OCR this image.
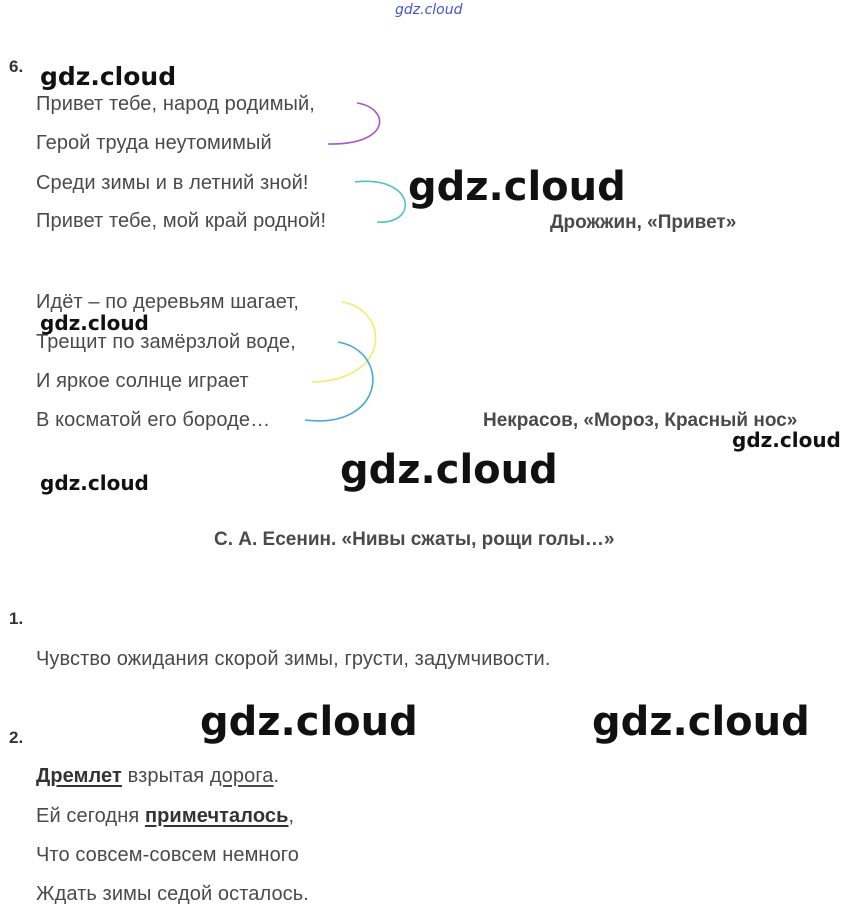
gdz.cloud
6. gdz.cloud
Привет тебе, народ родимый,
Герой труда неутомимый
Среди зимы и в летний зной!
Привет тебе, мой край родной!
gdz.cloud
Дрожжин, «Привет»
Идёт – по деревьям шагает,
Трещит по замёрзлой воде,
И яркое солнце играет
В косматой его бороде…
gdz.cloud
Некрасов, «Мороз, Красный нос»
gdz.cloud
gdz.cloud	gdz.cloud
С. А. Есенин. «Нивы сжаты, рощи голы…»
1.
Чувство ожидания скорой зимы, грусти, задумчивости.
2.	gdz.cloud	gdz.cloud
Дремлет взрытая дорога.
Ей сегодня примечталось,
Что совсем-совсем немного
Ждать зимы седой осталось.
